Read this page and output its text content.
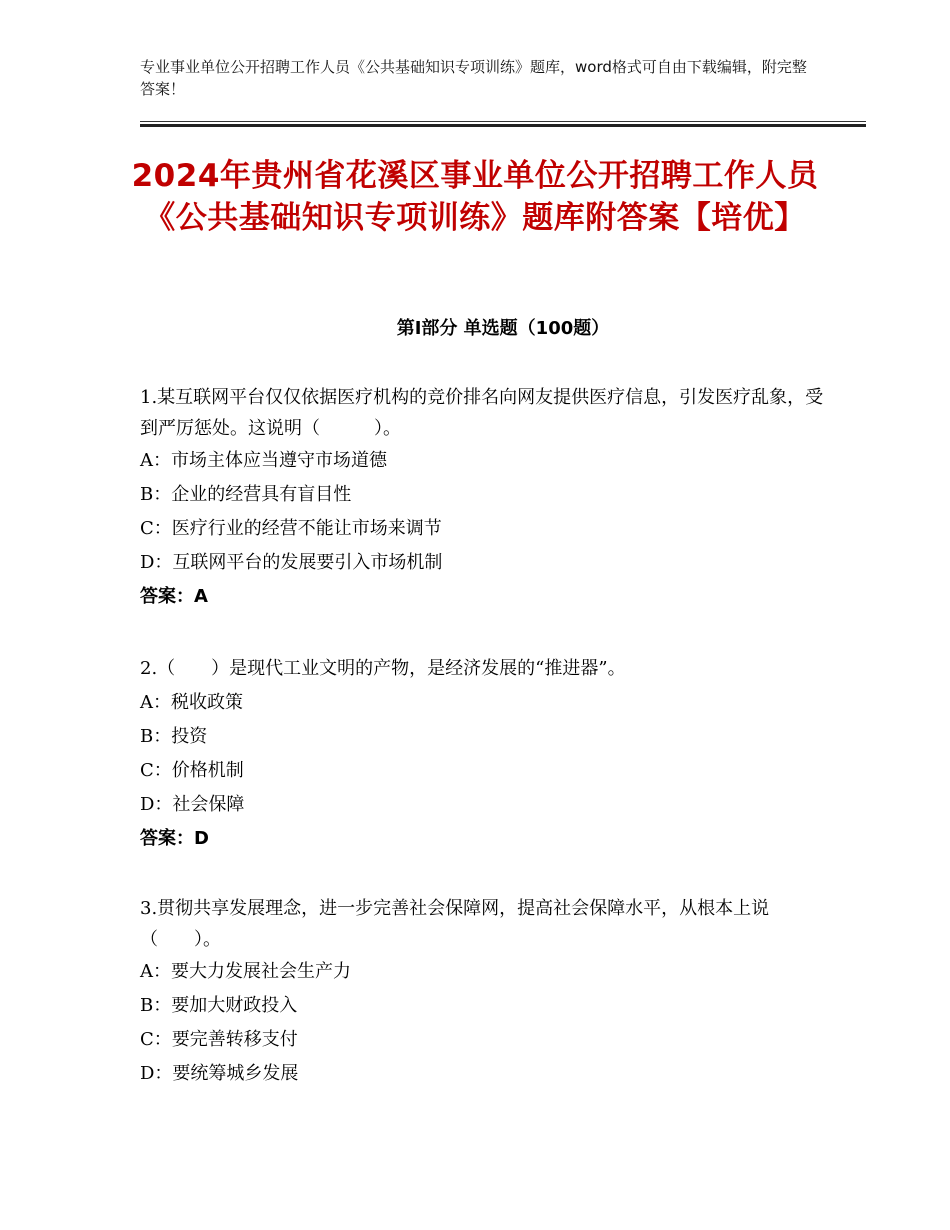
专业事业单位公开招聘工作人员《公共基础知识专项训练》题库，word格式可自由下载编辑，附完整答案！
2024年贵州省花溪区事业单位公开招聘工作人员《公共基础知识专项训练》题库附答案【培优】
第Ⅰ部分 单选题（100题）

1.某互联网平台仅仅依据医疗机构的竞价排名向网友提供医疗信息，引发医疗乱象，受到严厉惩处。这说明（　　　）。

A：市场主体应当遵守市场道德

B：企业的经营具有盲目性

C：医疗行业的经营不能让市场来调节

D：互联网平台的发展要引入市场机制

答案：A

2.（　　）是现代工业文明的产物，是经济发展的“推进器”。

A：税收政策

B：投资

C：价格机制

D：社会保障

答案：D

3.贯彻共享发展理念，进一步完善社会保障网，提高社会保障水平，从根本上说（　　）。

A：要大力发展社会生产力

B：要加大财政投入

C：要完善转移支付

D：要统筹城乡发展
